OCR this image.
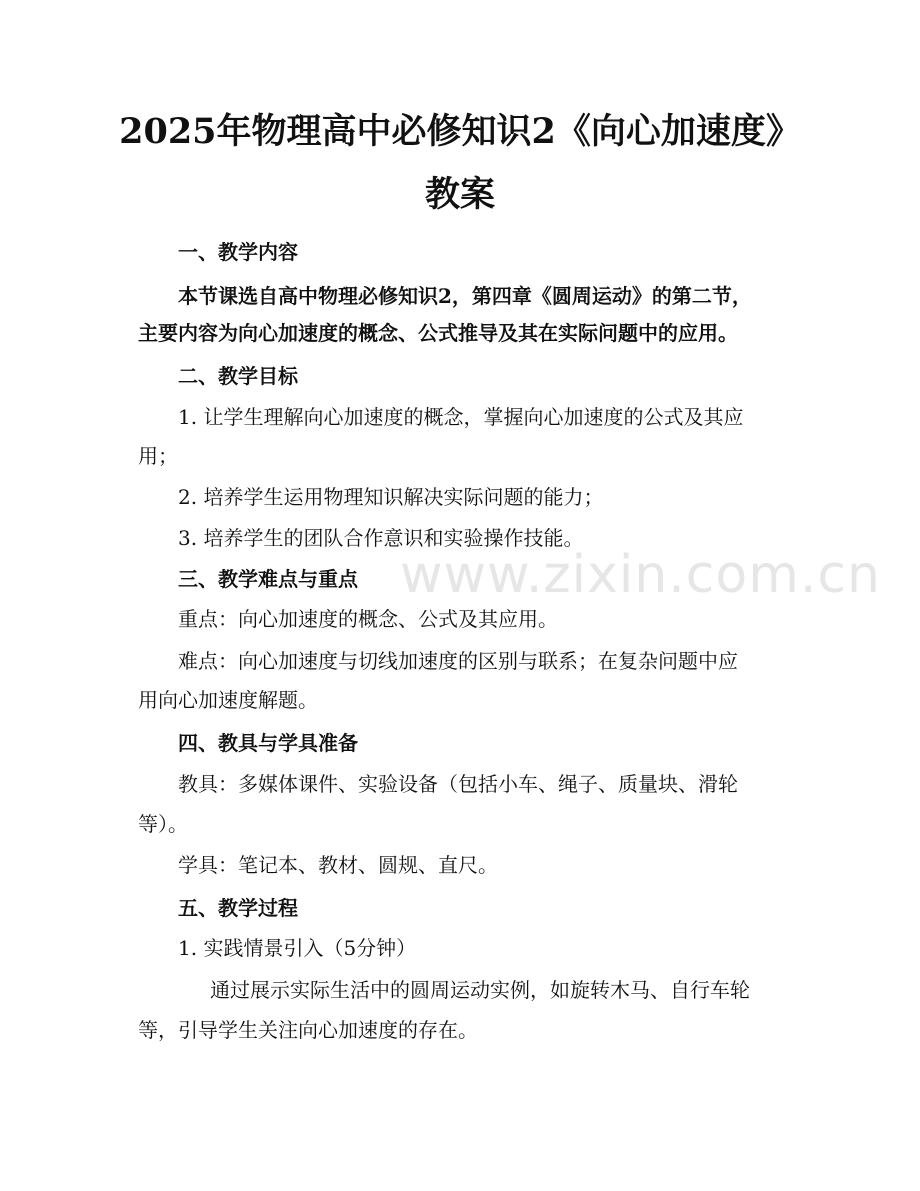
www.zixin.com.cn
2025年物理高中必修知识2《向心加速度》
教案
一、教学内容
本节课选自高中物理必修知识2，第四章《圆周运动》的第二节，
主要内容为向心加速度的概念、公式推导及其在实际问题中的应用。
二、教学目标
1. 让学生理解向心加速度的概念，掌握向心加速度的公式及其应
用；
2. 培养学生运用物理知识解决实际问题的能力；
3. 培养学生的团队合作意识和实验操作技能。
三、教学难点与重点
重点：向心加速度的概念、公式及其应用。
难点：向心加速度与切线加速度的区别与联系；在复杂问题中应
用向心加速度解题。
四、教具与学具准备
教具：多媒体课件、实验设备（包括小车、绳子、质量块、滑轮
等）。
学具：笔记本、教材、圆规、直尺。
五、教学过程
1. 实践情景引入（5分钟）
通过展示实际生活中的圆周运动实例，如旋转木马、自行车轮
等，引导学生关注向心加速度的存在。
